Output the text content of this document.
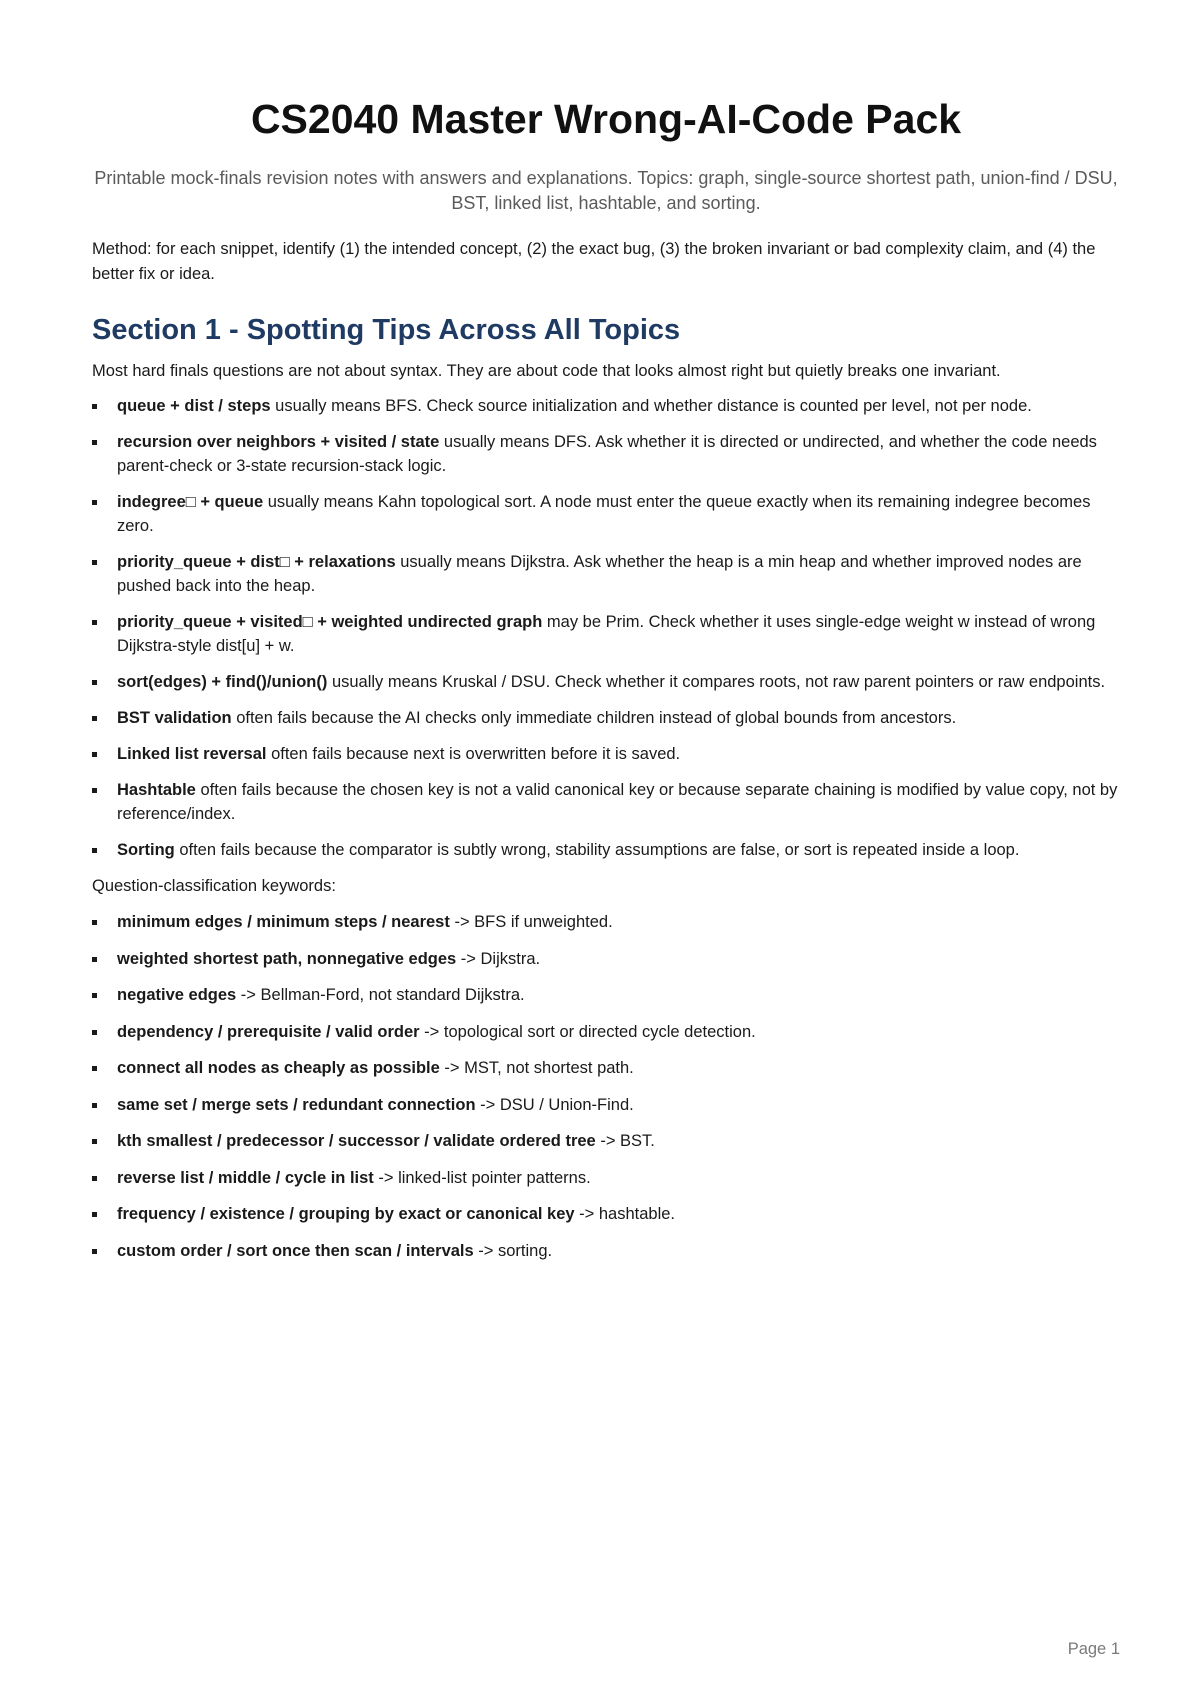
CS2040 Master Wrong-AI-Code Pack

Printable mock-finals revision notes with answers and explanations. Topics: graph, single-source shortest path, union-find / DSU, BST, linked list, hashtable, and sorting.

Method: for each snippet, identify (1) the intended concept, (2) the exact bug, (3) the broken invariant or bad complexity claim, and (4) the better fix or idea.

Section 1 - Spotting Tips Across All Topics

Most hard finals questions are not about syntax. They are about code that looks almost right but quietly breaks one invariant.

queue + dist / steps usually means BFS. Check source initialization and whether distance is counted per level, not per node.
recursion over neighbors + visited / state usually means DFS. Ask whether it is directed or undirected, and whether the code needs parent-check or 3-state recursion-stack logic.
indegree□ + queue usually means Kahn topological sort. A node must enter the queue exactly when its remaining indegree becomes zero.
priority_queue + dist□ + relaxations usually means Dijkstra. Ask whether the heap is a min heap and whether improved nodes are pushed back into the heap.
priority_queue + visited□ + weighted undirected graph may be Prim. Check whether it uses single-edge weight w instead of wrong Dijkstra-style dist[u] + w.
sort(edges) + find()/union() usually means Kruskal / DSU. Check whether it compares roots, not raw parent pointers or raw endpoints.
BST validation often fails because the AI checks only immediate children instead of global bounds from ancestors.
Linked list reversal often fails because next is overwritten before it is saved.
Hashtable often fails because the chosen key is not a valid canonical key or because separate chaining is modified by value copy, not by reference/index.
Sorting often fails because the comparator is subtly wrong, stability assumptions are false, or sort is repeated inside a loop.

Question-classification keywords:

minimum edges / minimum steps / nearest -> BFS if unweighted.
weighted shortest path, nonnegative edges -> Dijkstra.
negative edges -> Bellman-Ford, not standard Dijkstra.
dependency / prerequisite / valid order -> topological sort or directed cycle detection.
connect all nodes as cheaply as possible -> MST, not shortest path.
same set / merge sets / redundant connection -> DSU / Union-Find.
kth smallest / predecessor / successor / validate ordered tree -> BST.
reverse list / middle / cycle in list -> linked-list pointer patterns.
frequency / existence / grouping by exact or canonical key -> hashtable.
custom order / sort once then scan / intervals -> sorting.
Page 1
